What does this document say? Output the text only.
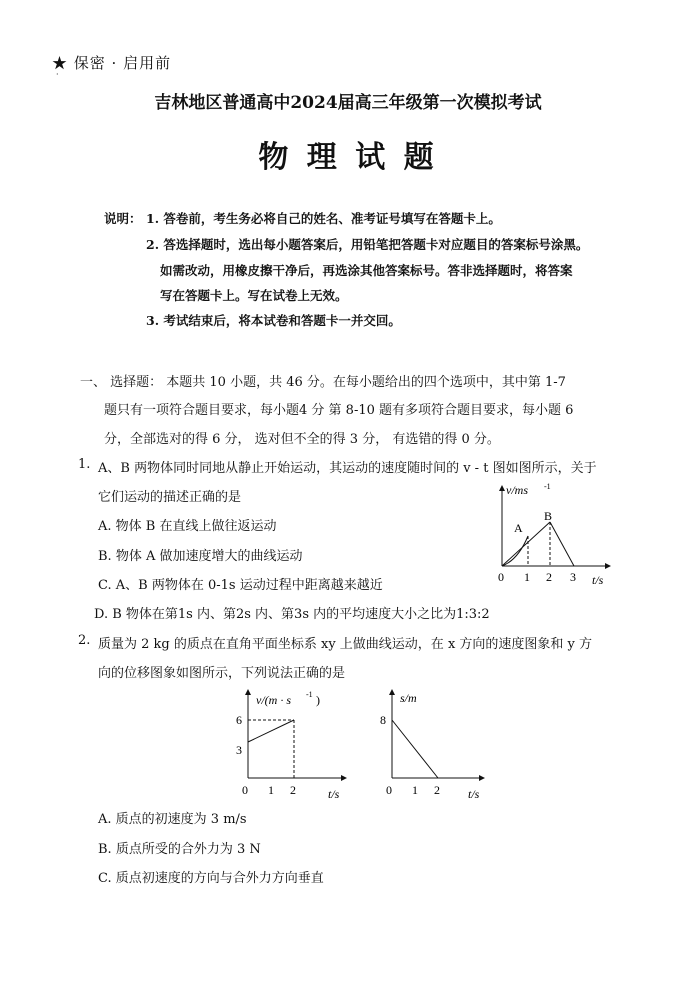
★ 保密 · 启用前
·
吉林地区普通高中2024届高三年级第一次模拟考试
物 理 试 题
说明： 1. 答卷前，考生务必将自己的姓名、准考证号填写在答题卡上。
2. 答选择题时，选出每小题答案后，用铅笔把答题卡对应题目的答案标号涂黑。
如需改动，用橡皮擦干净后，再选涂其他答案标号。答非选择题时，将答案
写在答题卡上。写在试卷上无效。
3. 考试结束后，将本试卷和答题卡一并交回。
一、 选择题： 本题共 10 小题，共 46 分。在每小题给出的四个选项中，其中第 1-7
题只有一项符合题目要求，每小题4 分 第 8-10 题有多项符合题目要求，每小题 6
分，全部选对的得 6 分， 选对但不全的得 3 分， 有选错的得 0 分。
1. A、B 两物体同时同地从静止开始运动，其运动的速度随时间的 v - t 图如图所示，关于
它们运动的描述正确的是
A. 物体 B 在直线上做往返运动
B. 物体 A 做加速度增大的曲线运动
C. A、B 两物体在 0-1s 运动过程中距离越来越近
D. B 物体在第1s 内、第2s 内、第3s 内的平均速度大小之比为1:3:2
v/ms -1
A
B
0 1 2 3 t/s
2. 质量为 2 kg 的质点在直角平面坐标系 xy 上做曲线运动，在 x 方向的速度图象和 y 方
向的位移图象如图所示，下列说法正确的是
v/(m · s -1 )
6
3
0 1 2	t/s
s/m
8
0 1 2 t/s
A. 质点的初速度为 3 m/s
B. 质点所受的合外力为 3 N
C. 质点初速度的方向与合外力方向垂直
